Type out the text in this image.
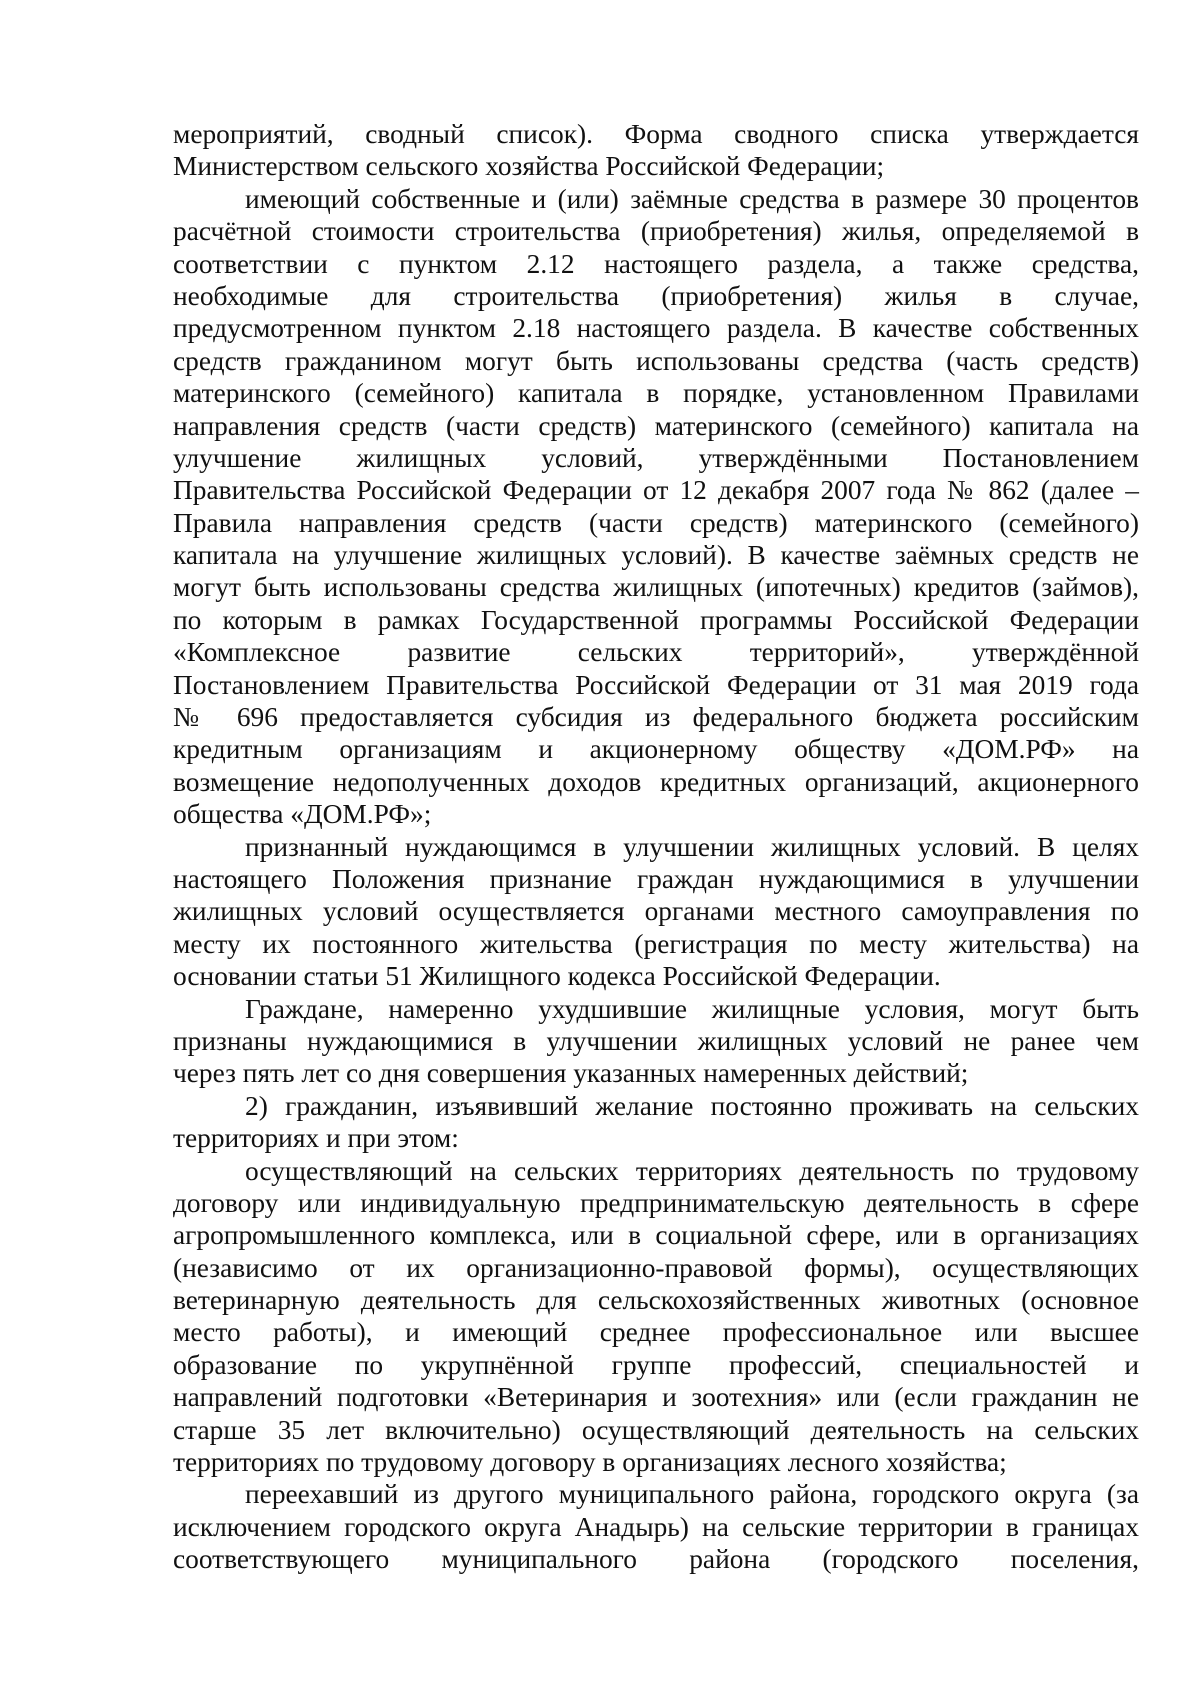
мероприятий, сводный список). Форма сводного списка утверждается
Министерством сельского хозяйства Российской Федерации;
имеющий собственные и (или) заёмные средства в размере 30 процентов
расчётной стоимости строительства (приобретения) жилья, определяемой в
соответствии с пунктом 2.12 настоящего раздела, а также средства,
необходимые для строительства (приобретения) жилья в случае,
предусмотренном пунктом 2.18 настоящего раздела. В качестве собственных
средств гражданином могут быть использованы средства (часть средств)
материнского (семейного) капитала в порядке, установленном Правилами
направления средств (части средств) материнского (семейного) капитала на
улучшение жилищных условий, утверждёнными Постановлением
Правительства Российской Федерации от 12 декабря 2007 года № 862 (далее –
Правила направления средств (части средств) материнского (семейного)
капитала на улучшение жилищных условий). В качестве заёмных средств не
могут быть использованы средства жилищных (ипотечных) кредитов (займов),
по которым в рамках Государственной программы Российской Федерации
«Комплексное развитие сельских территорий», утверждённой
Постановлением Правительства Российской Федерации от 31 мая 2019 года
№ 696 предоставляется субсидия из федерального бюджета российским
кредитным организациям и акционерному обществу «ДОМ.РФ» на
возмещение недополученных доходов кредитных организаций, акционерного
общества «ДОМ.РФ»;
признанный нуждающимся в улучшении жилищных условий. В целях
настоящего Положения признание граждан нуждающимися в улучшении
жилищных условий осуществляется органами местного самоуправления по
месту их постоянного жительства (регистрация по месту жительства) на
основании статьи 51 Жилищного кодекса Российской Федерации.
Граждане, намеренно ухудшившие жилищные условия, могут быть
признаны нуждающимися в улучшении жилищных условий не ранее чем
через пять лет со дня совершения указанных намеренных действий;
2) гражданин, изъявивший желание постоянно проживать на сельских
территориях и при этом:
осуществляющий на сельских территориях деятельность по трудовому
договору или индивидуальную предпринимательскую деятельность в сфере
агропромышленного комплекса, или в социальной сфере, или в организациях
(независимо от их организационно-правовой формы), осуществляющих
ветеринарную деятельность для сельскохозяйственных животных (основное
место работы), и имеющий среднее профессиональное или высшее
образование по укрупнённой группе профессий, специальностей и
направлений подготовки «Ветеринария и зоотехния» или (если гражданин не
старше 35 лет включительно) осуществляющий деятельность на сельских
территориях по трудовому договору в организациях лесного хозяйства;
переехавший из другого муниципального района, городского округа (за
исключением городского округа Анадырь) на сельские территории в границах
соответствующего муниципального района (городского поселения,
